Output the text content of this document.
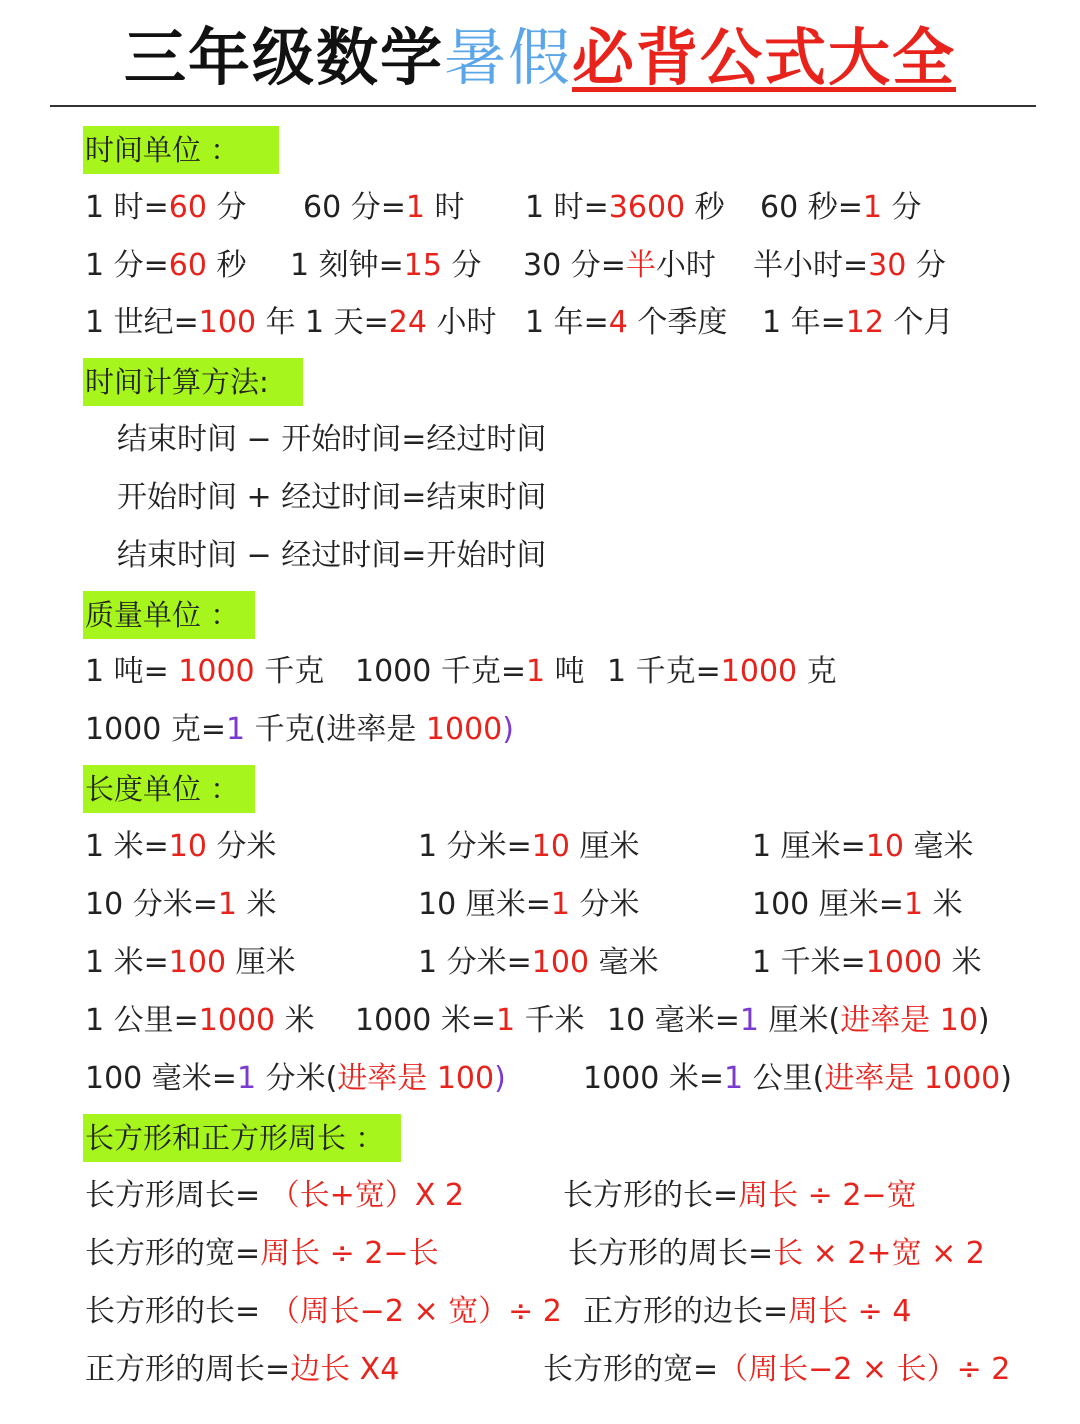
三年级数学暑假必背公式大全
时间单位 ：
1 时=60 分 60 分=1 时 1 时=3600 秒 60 秒=1 分
1 分=60 秒 1 刻钟=15 分 30 分=半小时 半小时=30 分
1 世纪=100 年 1 天=24 小时 1 年=4 个季度 1 年=12 个月
时间计算方法:
结束时间 − 开始时间=经过时间
开始时间 + 经过时间=结束时间
结束时间 − 经过时间=开始时间
质量单位 ：
1 吨= 1000 千克 1000 千克=1 吨 1 千克=1000 克
1000 克=1 千克(进率是 1000)
长度单位 ：
1 米=10 分米	1 分米=10 厘米	1 厘米=10 毫米
10 分米=1 米	10 厘米=1 分米	100 厘米=1 米
1 米=100 厘米	1 分米=100 毫米	1 千米=1000 米
1 公里=1000 米 1000 米=1 千米 10 毫米=1 厘米(进率是 10)
100 毫米=1 分米(进率是 100)	1000 米=1 公里(进率是 1000)
长方形和正方形周长 ：
长方形周长= （长+宽）X 2	长方形的长=周长 ÷ 2−宽
长方形的宽=周长 ÷ 2−长	长方形的周长=长 × 2+宽 × 2
长方形的长= （周长−2 × 宽）÷ 2 正方形的边长=周长 ÷ 4
正方形的周长=边长 X4	长方形的宽=（周长−2 × 长）÷ 2
